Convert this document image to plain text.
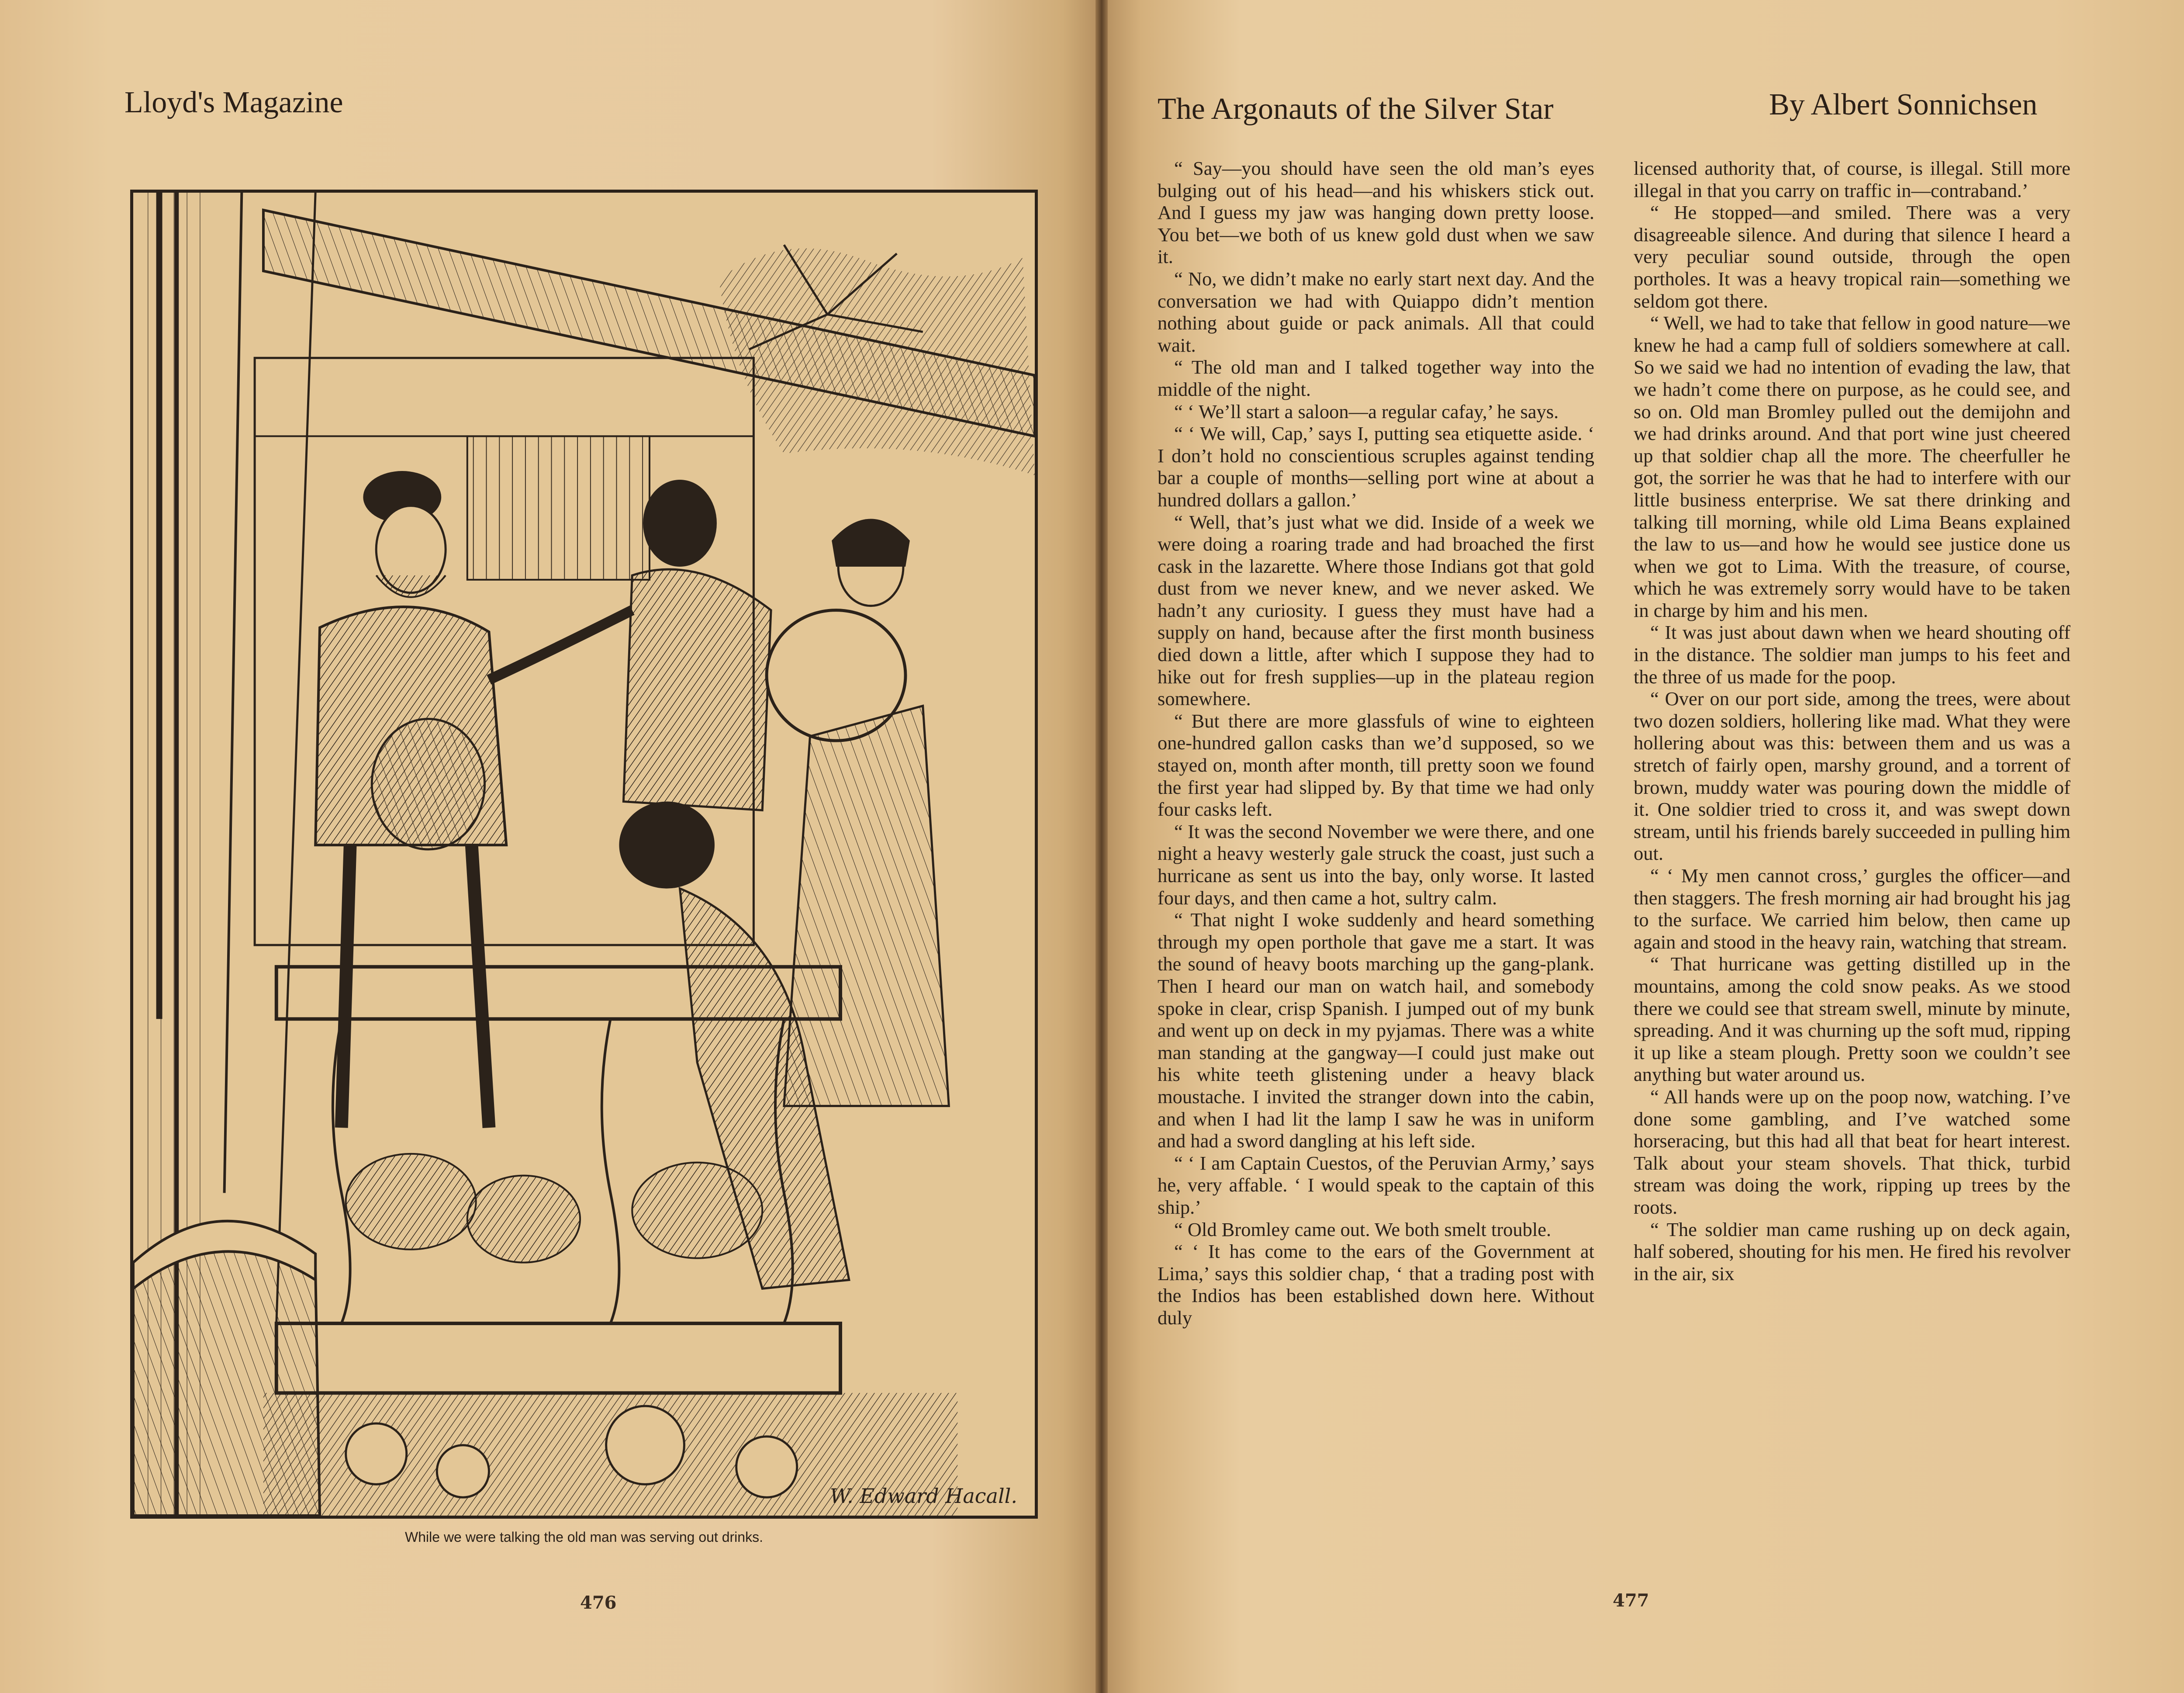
Lloyd's Magazine
W. Edward Hacall.
While we were talking the old man was serving out drinks.
476
The Argonauts of the Silver Star	By Albert Sonnichsen
477

“ Say—you should have seen the old man’s eyes bulging out of his head—and his whiskers stick out. And I guess my jaw was hanging down pretty loose. You bet—we both of us knew gold dust when we saw it.

“ No, we didn’t make no early start next day. And the conversation we had with Quiappo didn’t mention nothing about guide or pack animals. All that could wait.

“ The old man and I talked together way into the middle of the night.

“ ‘ We’ll start a saloon—a regular cafay,’ he says.

“ ‘ We will, Cap,’ says I, putting sea etiquette aside. ‘ I don’t hold no conscientious scruples against tending bar a couple of months—selling port wine at about a hundred dollars a gallon.’

“ Well, that’s just what we did. Inside of a week we were doing a roaring trade and had broached the first cask in the lazarette. Where those Indians got that gold dust from we never knew, and we never asked. We hadn’t any curiosity. I guess they must have had a supply on hand, because after the first month business died down a little, after which I suppose they had to hike out for fresh supplies—up in the plateau region somewhere.

“ But there are more glassfuls of wine to eighteen one-hundred gallon casks than we’d supposed, so we stayed on, month after month, till pretty soon we found the first year had slipped by. By that time we had only four casks left.

“ It was the second November we were there, and one night a heavy westerly gale struck the coast, just such a hurricane as sent us into the bay, only worse. It lasted four days, and then came a hot, sultry calm.

“ That night I woke suddenly and heard something through my open porthole that gave me a start. It was the sound of heavy boots marching up the gang-plank. Then I heard our man on watch hail, and somebody spoke in clear, crisp Spanish. I jumped out of my bunk and went up on deck in my pyjamas. There was a white man standing at the gangway—I could just make out his white teeth glistening under a heavy black moustache. I invited the stranger down into the cabin, and when I had lit the lamp I saw he was in uniform and had a sword dangling at his left side.

“ ‘ I am Captain Cuestos, of the Peruvian Army,’ says he, very affable. ‘ I would speak to the captain of this ship.’

“ Old Bromley came out. We both smelt trouble.

“ ‘ It has come to the ears of the Government at Lima,’ says this soldier chap, ‘ that a trading post with the Indios has been established down here. Without duly

licensed authority that, of course, is illegal. Still more illegal in that you carry on traffic in—contraband.’

“ He stopped—and smiled. There was a very disagreeable silence. And during that silence I heard a very peculiar sound outside, through the open portholes. It was a heavy tropical rain—something we seldom got there.

“ Well, we had to take that fellow in good nature—we knew he had a camp full of soldiers somewhere at call. So we said we had no intention of evading the law, that we hadn’t come there on purpose, as he could see, and so on. Old man Bromley pulled out the demijohn and we had drinks around. And that port wine just cheered up that soldier chap all the more. The cheerfuller he got, the sorrier he was that he had to interfere with our little business enterprise. We sat there drinking and talking till morning, while old Lima Beans explained the law to us—and how he would see justice done us when we got to Lima. With the treasure, of course, which he was extremely sorry would have to be taken in charge by him and his men.

“ It was just about dawn when we heard shouting off in the distance. The soldier man jumps to his feet and the three of us made for the poop.

“ Over on our port side, among the trees, were about two dozen soldiers, hollering like mad. What they were hollering about was this: between them and us was a stretch of fairly open, marshy ground, and a torrent of brown, muddy water was pouring down the middle of it. One soldier tried to cross it, and was swept down stream, until his friends barely succeeded in pulling him out.

“ ‘ My men cannot cross,’ gurgles the officer—and then staggers. The fresh morning air had brought his jag to the surface. We carried him below, then came up again and stood in the heavy rain, watching that stream.

“ That hurricane was getting distilled up in the mountains, among the cold snow peaks. As we stood there we could see that stream swell, minute by minute, spreading. And it was churning up the soft mud, ripping it up like a steam plough. Pretty soon we couldn’t see anything but water around us.

“ All hands were up on the poop now, watching. I’ve done some gambling, and I’ve watched some horseracing, but this had all that beat for heart interest. Talk about your steam shovels. That thick, turbid stream was doing the work, ripping up trees by the roots.

“ The soldier man came rushing up on deck again, half sobered, shouting for his men. He fired his revolver in the air, six
